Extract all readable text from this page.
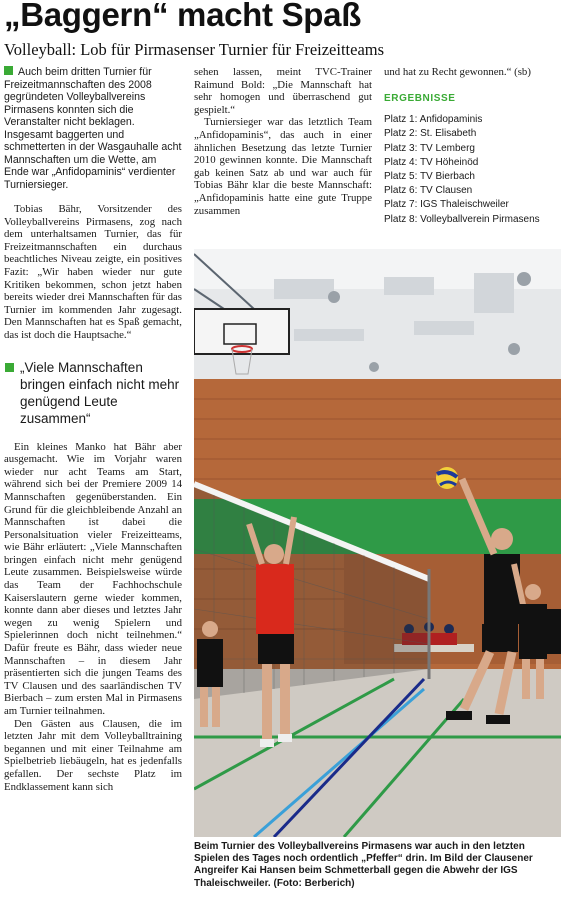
„Baggern“ macht Spaß
Volleyball: Lob für Pirmasenser Turnier für Freizeitteams

Auch beim dritten Turnier für Freizeitmannschaften des 2008 gegründeten Volleyballvereins Pirmasens konnten sich die Veranstalter nicht beklagen. Insgesamt baggerten und schmetterten in der Wasgauhalle acht Mannschaften um die Wette, am Ende war „Anfidopaminis“ verdienter Turniersieger.

Tobias Bähr, Vorsitzender des Volleyballvereins Pirmasens, zog nach dem unterhaltsamen Turnier, das für Freizeitmannschaften ein durchaus beachtliches Niveau zeigte, ein positives Fazit: „Wir haben wieder nur gute Kritiken bekommen, schon jetzt haben bereits wieder drei Mannschaften für das Turnier im kommenden Jahr zugesagt. Den Mannschaften hat es Spaß gemacht, das ist doch die Hauptsache.“

„Viele Mannschaften bringen einfach nicht mehr genügend Leute zusammen“

Ein kleines Manko hat Bähr aber ausgemacht. Wie im Vorjahr waren wieder nur acht Teams am Start, während sich bei der Premiere 2009 14 Mannschaften gegenüberstanden. Ein Grund für die gleichbleibende Anzahl an Mannschaften ist dabei die Personalsituation vieler Freizeitteams, wie Bähr erläutert: „Viele Mannschaften bringen einfach nicht mehr genügend Leute zusammen. Beispielsweise würde das Team der Fachhochschule Kaiserslautern gerne wieder kommen, konnte dann aber dieses und letztes Jahr wegen zu wenig Spielern und Spielerinnen doch nicht teilnehmen.“ Dafür freute es Bähr, dass wieder neue Mannschaften – in diesem Jahr präsentierten sich die jungen Teams des TV Clausen und des saarländischen TV Bierbach – zum ersten Mal in Pirmasens am Turnier teilnahmen.

Den Gästen aus Clausen, die im letzten Jahr mit dem Volleyballtraining begannen und mit einer Teilnahme am Spielbetrieb liebäugeln, hat es jedenfalls gefallen. Der sechste Platz im Endklassement kann sich

sehen lassen, meint TVC-Trainer Raimund Bold: „Die Mannschaft hat sehr homogen und überraschend gut gespielt.“

Turniersieger war das letztlich Team „Anfidopaminis“, das auch in einer ähnlichen Besetzung das letzte Turnier 2010 gewinnen konnte. Die Mannschaft gab keinen Satz ab und war auch für Tobias Bähr klar die beste Mannschaft: „Anfidopaminis hatte eine gute Truppe zusammen

und hat zu Recht gewonnen.“ (sb)

ERGEBNISSE
Platz 1: Anfidopaminis
Platz 2: St. Elisabeth
Platz 3: TV Lemberg
Platz 4: TV Höheinöd
Platz 5: TV Bierbach
Platz 6: TV Clausen
Platz 7: IGS Thaleischweiler
Platz 8: Volleyballverein Pirmasens
Beim Turnier des Volleyballvereins Pirmasens war auch in den letzten Spielen des Tages noch ordentlich „Pfeffer“ drin. Im Bild der Clausener Angreifer Kai Hansen beim Schmetterball gegen die Abwehr der IGS Thaleischweiler. (Foto: Berberich)
